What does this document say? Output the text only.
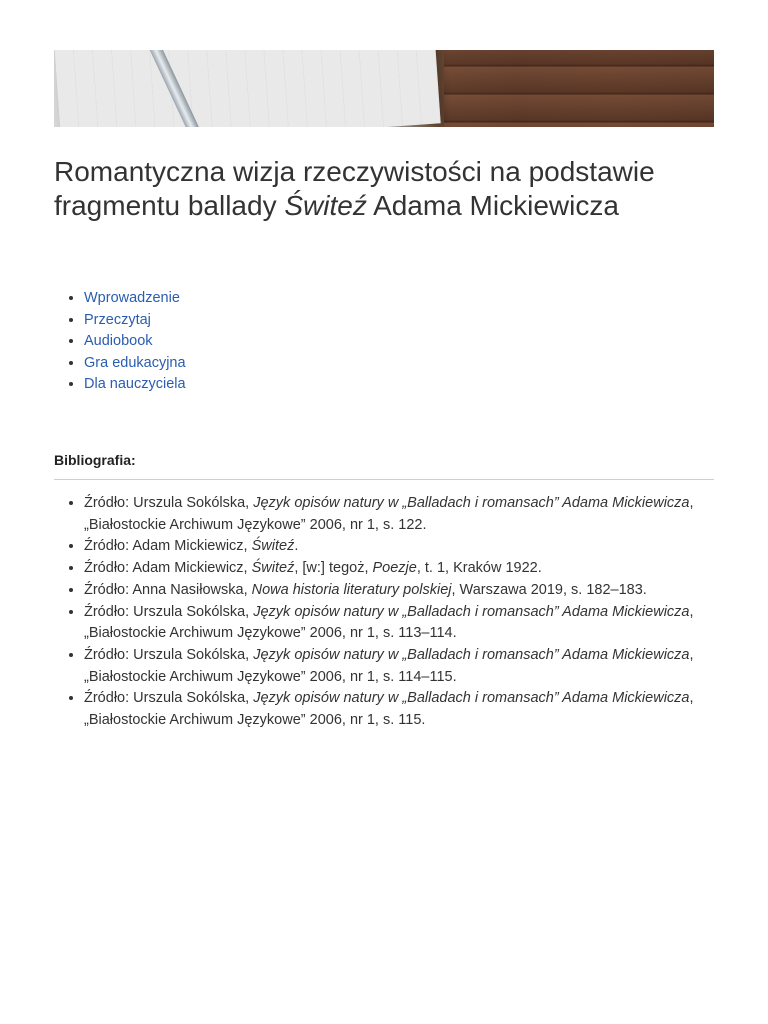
Romantyczna wizja rzeczywistości na podstawie fragmentu ballady Świteź Adama Mickiewicza
• Wprowadzenie
• Przeczytaj
• Audiobook
• Gra edukacyjna
• Dla nauczyciela
Bibliografia:
• Źródło: Urszula Sokólska, Język opisów natury w „Balladach i romansach” Adama Mickiewicza, „Białostockie Archiwum Językowe” 2006, nr 1, s. 122.
• Źródło: Adam Mickiewicz, Świteź.
• Źródło: Adam Mickiewicz, Świteź, [w:] tegoż, Poezje, t. 1, Kraków 1922.
• Źródło: Anna Nasiłowska, Nowa historia literatury polskiej, Warszawa 2019, s. 182–183.
• Źródło: Urszula Sokólska, Język opisów natury w „Balladach i romansach” Adama Mickiewicza, „Białostockie Archiwum Językowe” 2006, nr 1, s. 113–114.
• Źródło: Urszula Sokólska, Język opisów natury w „Balladach i romansach” Adama Mickiewicza, „Białostockie Archiwum Językowe” 2006, nr 1, s. 114–115.
• Źródło: Urszula Sokólska, Język opisów natury w „Balladach i romansach” Adama Mickiewicza, „Białostockie Archiwum Językowe” 2006, nr 1, s. 115.
